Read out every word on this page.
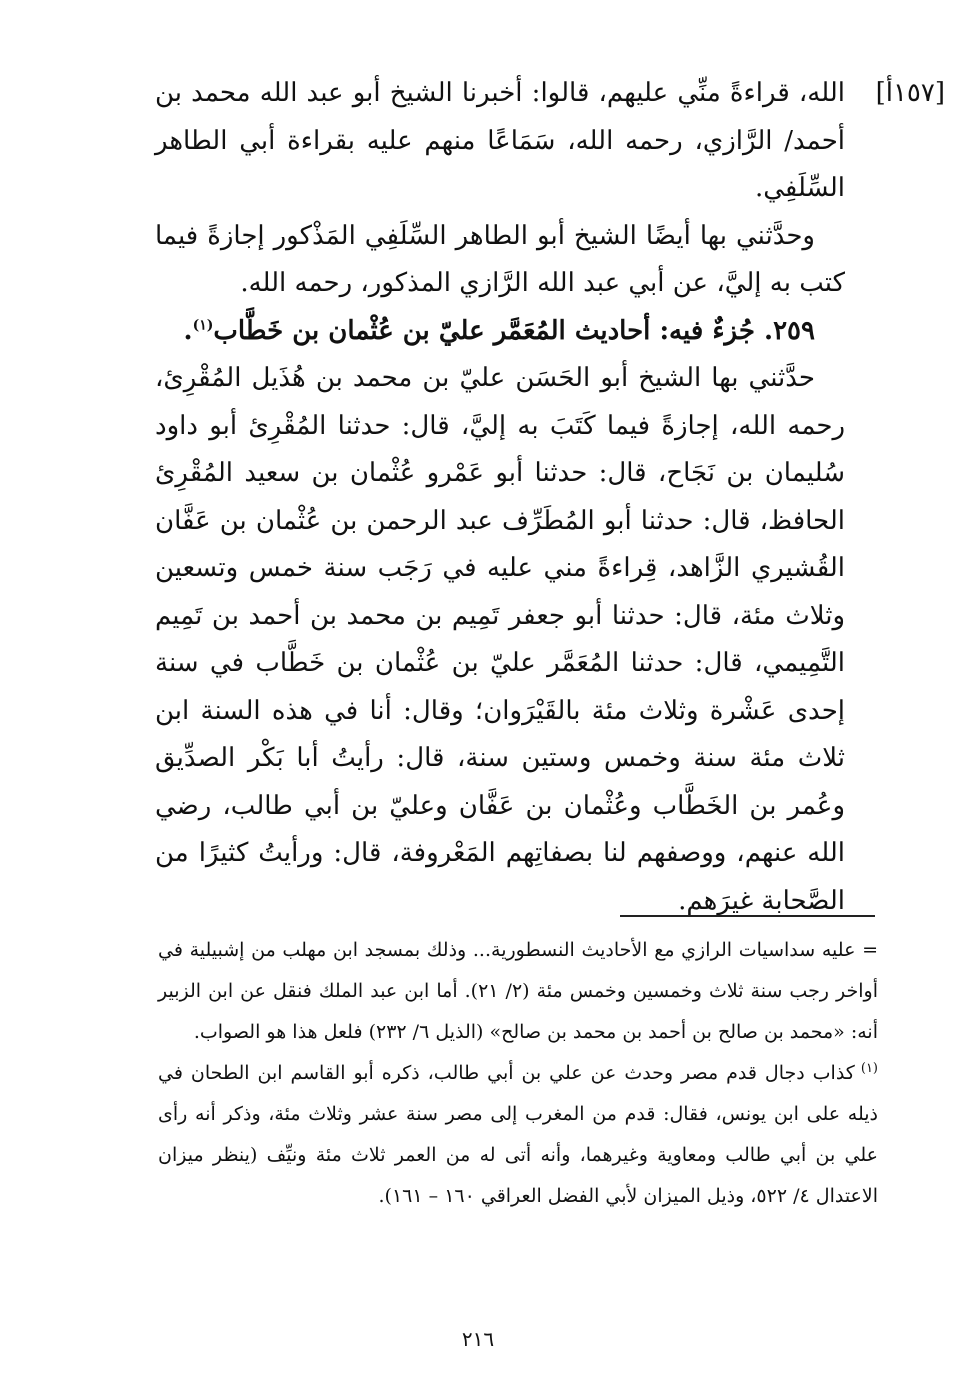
[١٥٧أ]

الله، قراءةً منِّي عليهم، قالوا: أخبرنا الشيخ أبو عبد الله محمد بن أحمد/ الرَّازي، رحمه الله، سَمَاعًا منهم عليه بقراءة أبي الطاهر السِّلَفِي.

وحدَّثني بها أيضًا الشيخ أبو الطاهر السِّلَفِي المَذْكور إجازةً فيما كتب به إليَّ، عن أبي عبد الله الرَّازي المذكور، رحمه الله.

٢٥٩. جُزءٌ فيه: أحاديث المُعَمَّر عليّ بن عُثْمان بن خَطَّاب$^{(١)}$.

حدَّثني بها الشيخ أبو الحَسَن عليّ بن محمد بن هُذَيل المُقْرِئ، رحمه الله، إجازةً فيما كَتَبَ به إليَّ، قال: حدثنا المُقْرِئ أبو داود سُليمان بن نَجَاح، قال: حدثنا أبو عَمْرو عُثْمان بن سعيد المُقْرِئ الحافظ، قال: حدثنا أبو المُطَرِّف عبد الرحمن بن عُثْمان بن عَفَّان القُشيري الزَّاهد، قِراءةً مني عليه في رَجَب سنة خمس وتسعين وثلاث مئة، قال: حدثنا أبو جعفر تَمِيم بن محمد بن أحمد بن تَمِيم التَّمِيمي، قال: حدثنا المُعَمَّر عليّ بن عُثْمان بن خَطَّاب في سنة إحدى عَشْرة وثلاث مئة بالقَيْرَوان؛ وقال: أنا في هذه السنة ابن ثلاث مئة سنة وخمس وستين سنة، قال: رأيتُ أبا بَكْر الصدِّيق وعُمر بن الخَطَّاب وعُثْمان بن عَفَّان وعليّ بن أبي طالب، رضي الله عنهم، ووصفهم لنا بصفاتِهم المَعْروفة، قال: ورأيتُ كثيرًا من الصَّحابة غيرَهم.

= عليه سداسيات الرازي مع الأحاديث النسطورية... وذلك بمسجد ابن مهلب من إشبيلية في أواخر رجب سنة ثلاث وخمسين وخمس مئة (٢/ ٢١). أما ابن عبد الملك فنقل عن ابن الزبير أنه: «محمد بن صالح بن أحمد بن محمد بن صالح» (الذيل ٦/ ٢٣٢) فلعل هذا هو الصواب.

$^{(١)}$كذاب دجال قدم مصر وحدث عن علي بن أبي طالب، ذكره أبو القاسم ابن الطحان في ذيله على ابن يونس، فقال: قدم من المغرب إلى مصر سنة عشر وثلاث مئة، وذكر أنه رأى علي بن أبي طالب ومعاوية وغيرهما، وأنه أتى له من العمر ثلاث مئة ونيِّف (ينظر ميزان الاعتدال ٤/ ٥٢٢، وذيل الميزان لأبي الفضل العراقي ١٦٠ – ١٦١).

٢١٦
